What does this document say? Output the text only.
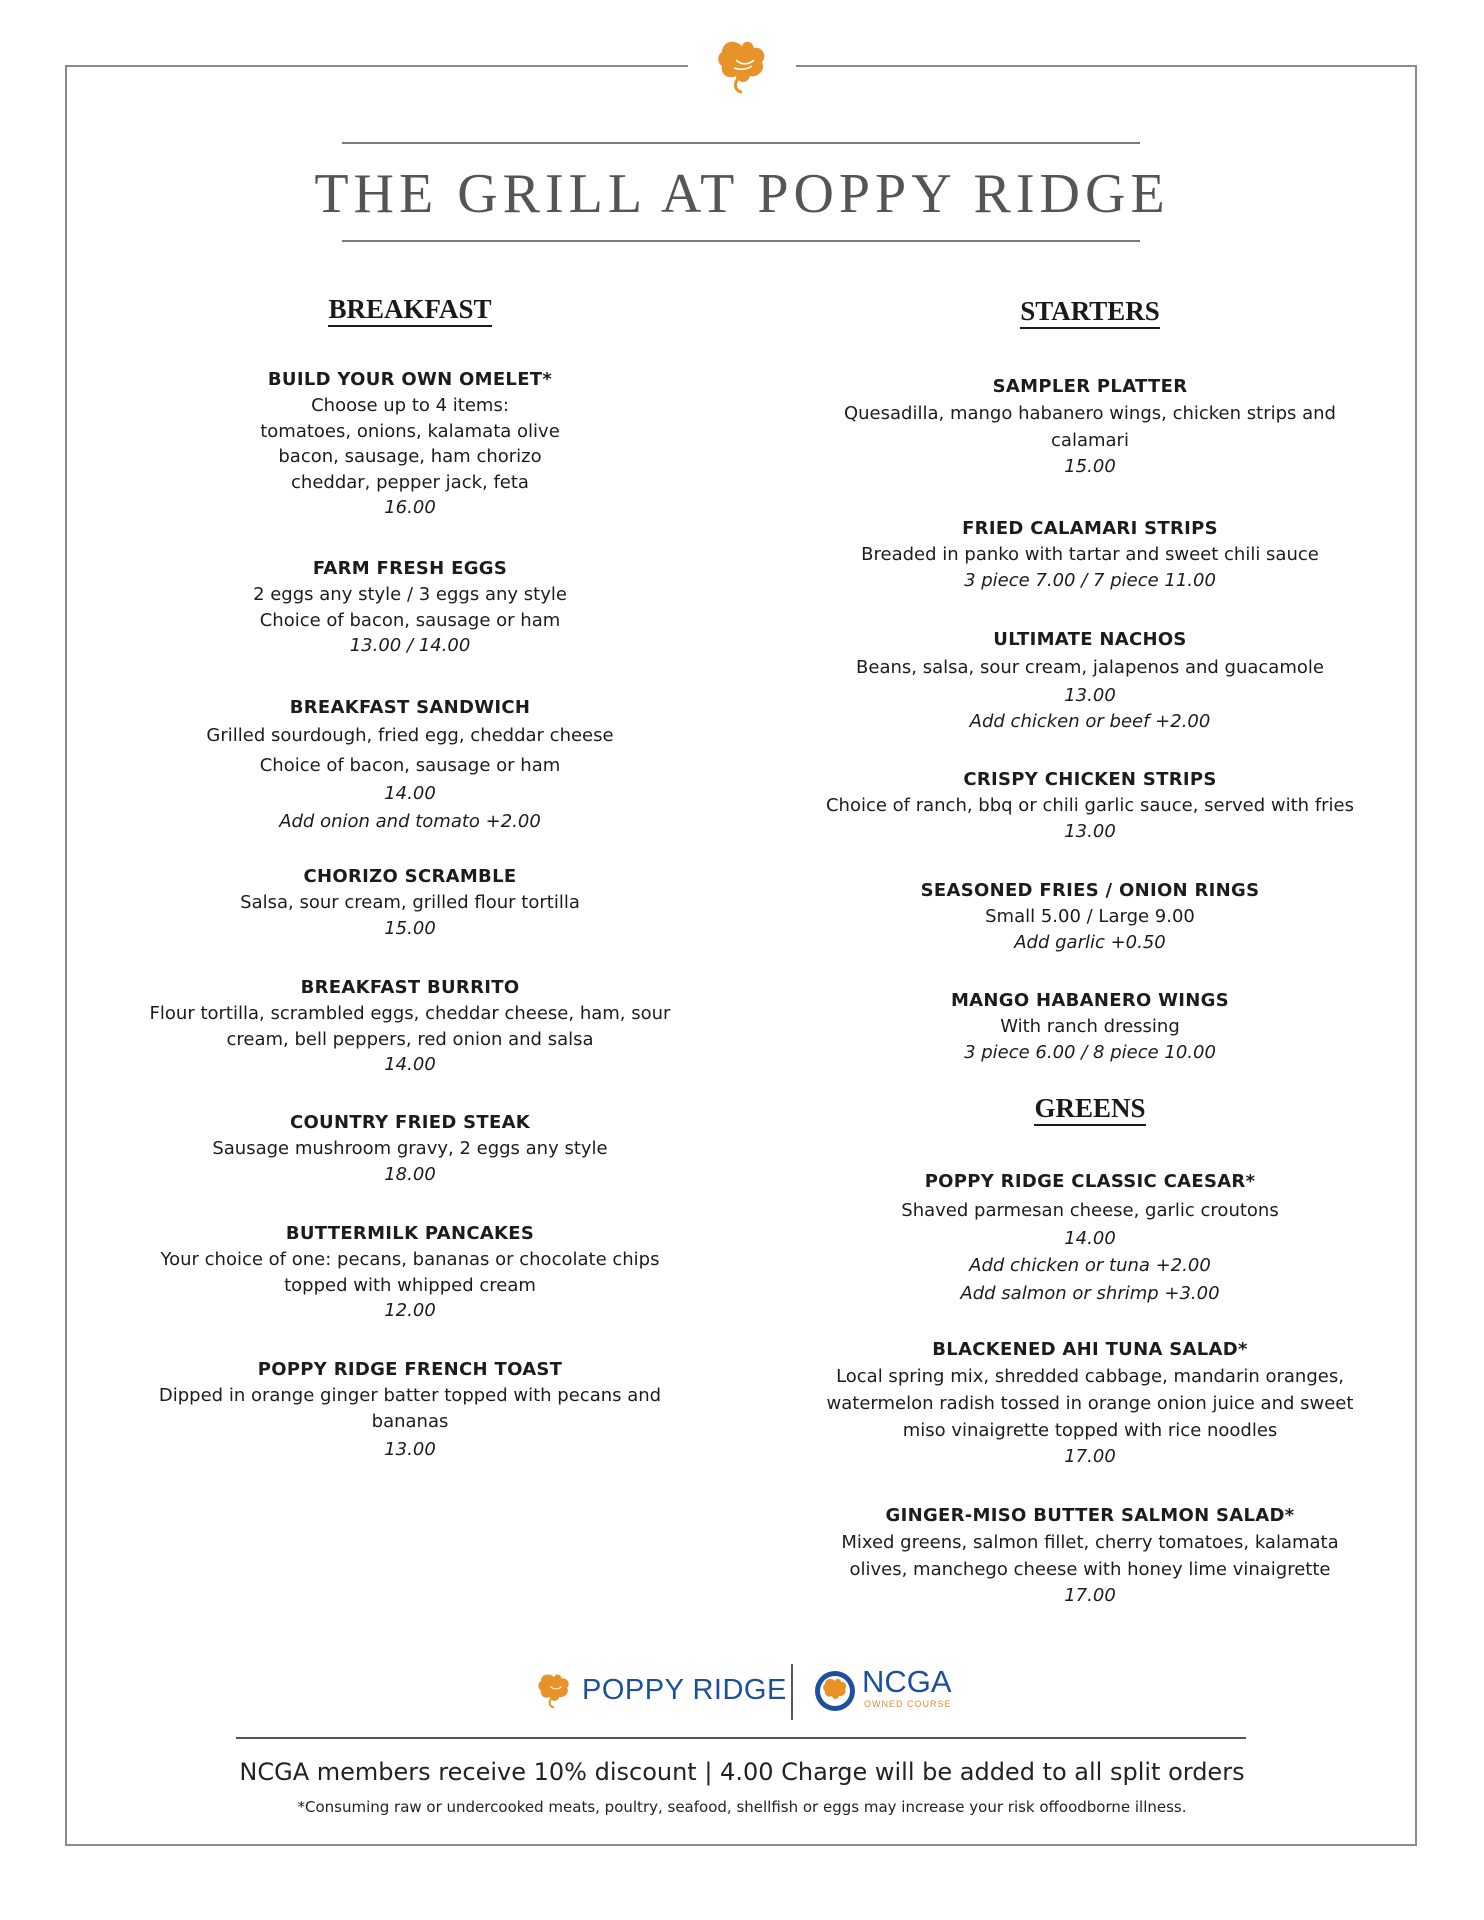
THE GRILL AT POPPY RIDGE
BREAKFAST
BUILD YOUR OWN OMELET*
Choose up to 4 items:
tomatoes, onions, kalamata olive
bacon, sausage, ham chorizo
cheddar, pepper jack, feta
16.00
FARM FRESH EGGS
2 eggs any style / 3 eggs any style
Choice of bacon, sausage or ham
13.00 / 14.00
BREAKFAST SANDWICH
Grilled sourdough, fried egg, cheddar cheese
Choice of bacon, sausage or ham
14.00
Add onion and tomato +2.00
CHORIZO SCRAMBLE
Salsa, sour cream, grilled flour tortilla
15.00
BREAKFAST BURRITO
Flour tortilla, scrambled eggs, cheddar cheese, ham, sour
cream, bell peppers, red onion and salsa
14.00
COUNTRY FRIED STEAK
Sausage mushroom gravy, 2 eggs any style
18.00
BUTTERMILK PANCAKES
Your choice of one: pecans, bananas or chocolate chips
topped with whipped cream
12.00
POPPY RIDGE FRENCH TOAST
Dipped in orange ginger batter topped with pecans and
bananas
13.00
STARTERS
SAMPLER PLATTER
Quesadilla, mango habanero wings, chicken strips and
calamari
15.00
FRIED CALAMARI STRIPS
Breaded in panko with tartar and sweet chili sauce
3 piece 7.00 / 7 piece 11.00
ULTIMATE NACHOS
Beans, salsa, sour cream, jalapenos and guacamole
13.00
Add chicken or beef +2.00
CRISPY CHICKEN STRIPS
Choice of ranch, bbq or chili garlic sauce, served with fries
13.00
SEASONED FRIES / ONION RINGS
Small 5.00 / Large 9.00
Add garlic +0.50
MANGO HABANERO WINGS
With ranch dressing
3 piece 6.00 / 8 piece 10.00
GREENS
POPPY RIDGE CLASSIC CAESAR*
Shaved parmesan cheese, garlic croutons
14.00
Add chicken or tuna +2.00
Add salmon or shrimp +3.00
BLACKENED AHI TUNA SALAD*
Local spring mix, shredded cabbage, mandarin oranges,
watermelon radish tossed in orange onion juice and sweet
miso vinaigrette topped with rice noodles
17.00
GINGER-MISO BUTTER SALMON SALAD*
Mixed greens, salmon fillet, cherry tomatoes, kalamata
olives, manchego cheese with honey lime vinaigrette
17.00
POPPY RIDGE NCGA
OWNED COURSE
NCGA members receive 10% discount | 4.00 Charge will be added to all split orders
*Consuming raw or undercooked meats, poultry, seafood, shellfish or eggs may increase your risk offoodborne illness.
